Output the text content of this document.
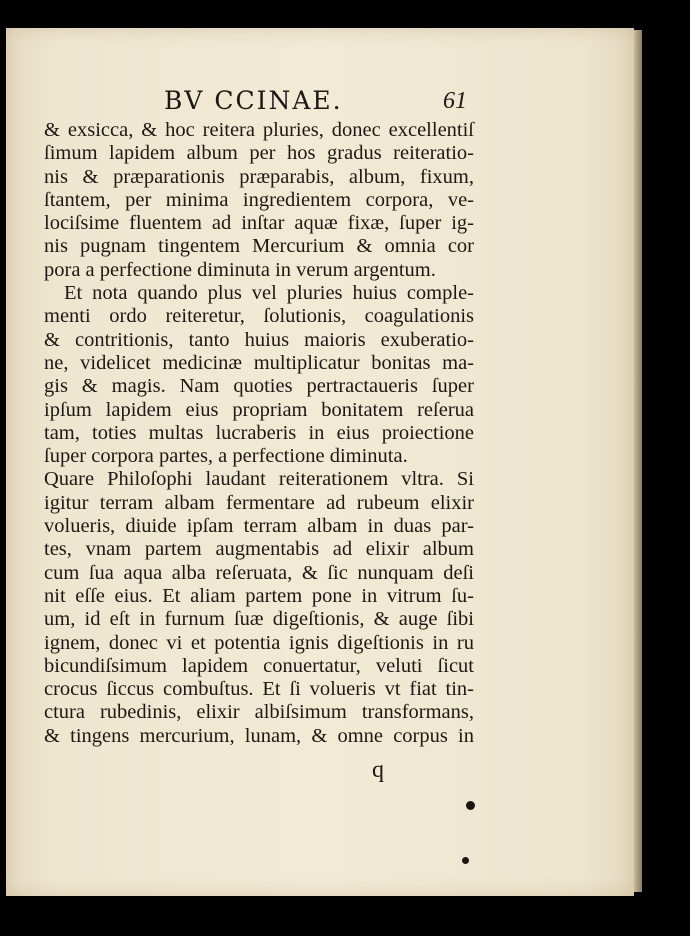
BV CCINAE.	61
& exsicca, & hoc reitera pluries, donec excellentiſ
ſimum lapidem album per hos gradus reiteratio-
nis & præparationis præparabis, album, fixum,
ſtantem, per minima ingredientem corpora, ve-
lociſsime fluentem ad inſtar aquæ fixæ, ſuper ig-
nis pugnam tingentem Mercurium & omnia cor
pora a perfectione diminuta in verum argentum.
Et nota quando plus vel pluries huius comple-
menti ordo reiteretur, ſolutionis, coagulationis
& contritionis, tanto huius maioris exuberatio-
ne, videlicet medicinæ multiplicatur bonitas ma-
gis & magis. Nam quoties pertractaueris ſuper
ipſum lapidem eius propriam bonitatem reſerua
tam, toties multas lucraberis in eius proiectione
ſuper corpora partes, a perfectione diminuta.
Quare Philoſophi laudant reiterationem vltra. Si
igitur terram albam fermentare ad rubeum elixir
volueris, diuide ipſam terram albam in duas par-
tes, vnam partem augmentabis ad elixir album
cum ſua aqua alba reſeruata, & ſic nunquam deſi
nit eſſe eius. Et aliam partem pone in vitrum ſu-
um, id eſt in furnum ſuæ digeſtionis, & auge ſibi
ignem, donec vi et potentia ignis digeſtionis in ru
bicundiſsimum lapidem conuertatur, veluti ſicut
crocus ſiccus combuſtus. Et ſi volueris vt fiat tin-
ctura rubedinis, elixir albiſsimum transformans,
& tingens mercurium, lunam, & omne corpus in
q
